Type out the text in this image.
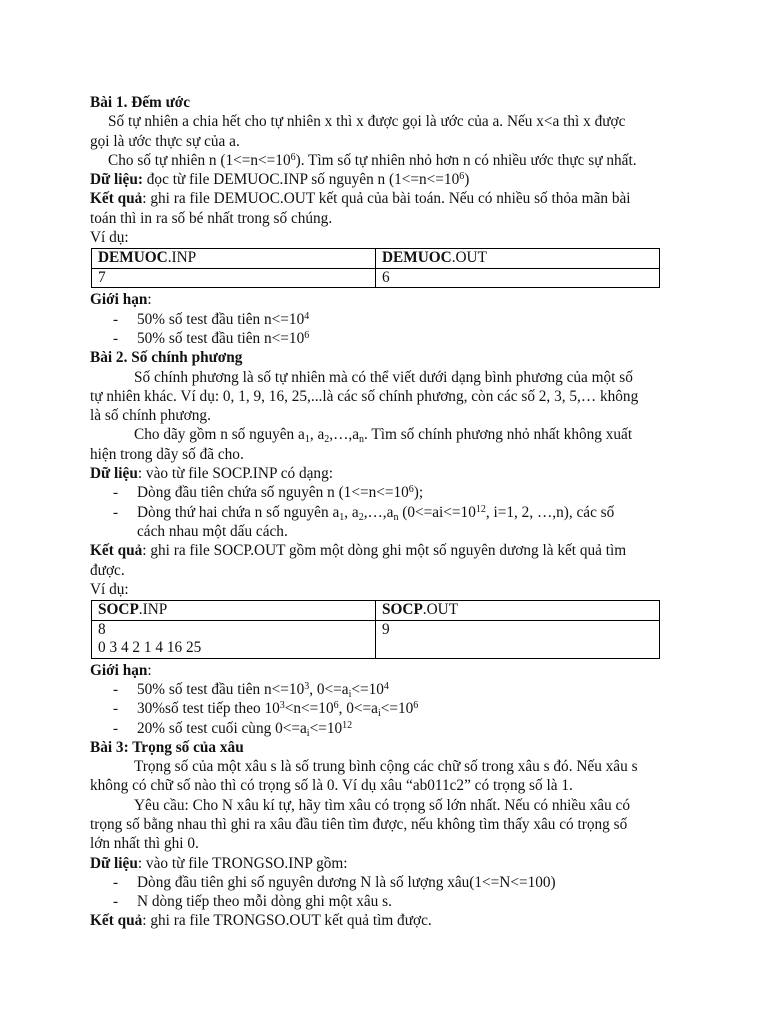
Bài 1. Đếm ước
Số tự nhiên a chia hết cho tự nhiên x thì x được gọi là ước của a. Nếu x<a thì x được
gọi là ước thực sự của a.
Cho số tự nhiên n $(1<=n<=10^6)$. Tìm số tự nhiên nhỏ hơn n có nhiều ước thực sự nhất.
Dữ liệu: đọc từ file DEMUOC.INP số nguyên n $(1<=n<=10^6)$
Kết quả: ghi ra file DEMUOC.OUT kết quả của bài toán. Nếu có nhiều số thỏa mãn bài
toán thì in ra số bé nhất trong số chúng.
Ví dụ:
DEMUOC.INP	DEMUOC.OUT
7	6
Giới hạn:
- 50% số test đầu tiên $n<=10^4$
- 50% số test đầu tiên $n<=10^6$
Bài 2. Số chính phương
Số chính phương là số tự nhiên mà có thể viết dưới dạng bình phương của một số
tự nhiên khác. Ví dụ: 0, 1, 9, 16, 25,...là các số chính phương, còn các số 2, 3, 5,… không
là số chính phương.
Cho dãy gồm n số nguyên $a_1$, $a_2,\dots,a_n$. Tìm số chính phương nhỏ nhất không xuất
hiện trong dãy số đã cho.
Dữ liệu: vào từ file SOCP.INP có dạng:
- Dòng đầu tiên chứa số nguyên n $(1<=n<=10^6)$;
- Dòng thứ hai chứa n số nguyên $a_1$, $a_2,\dots,a_n$ ($0<=ai<=10^{12}$, i=1, 2, …,n), các số
cách nhau một dấu cách.
Kết quả: ghi ra file SOCP.OUT gồm một dòng ghi một số nguyên dương là kết quả tìm
được.
Ví dụ:
SOCP.INP	SOCP.OUT

8
0 3 4 2 1 4 16 25	9
Giới hạn:
- 50% số test đầu tiên $n<=10^3$, $0<=a_i<=10^4$
- 30%số test tiếp theo $10^3<n<=10^6$, $0<=a_i<=10^6$
- 20% số test cuối cùng $0<=a_i<=10^{12}$
Bài 3: Trọng số của xâu
Trọng số của một xâu s là số trung bình cộng các chữ số trong xâu s đó. Nếu xâu s
không có chữ số nào thì có trọng số là 0. Ví dụ xâu “ab011c2” có trọng số là 1.
Yêu cầu: Cho N xâu kí tự, hãy tìm xâu có trọng số lớn nhất. Nếu có nhiều xâu có
trọng số bằng nhau thì ghi ra xâu đầu tiên tìm được, nếu không tìm thấy xâu có trọng số
lớn nhất thì ghi 0.
Dữ liệu: vào từ file TRONGSO.INP gồm:
- Dòng đầu tiên ghi số nguyên dương N là số lượng xâu(1<=N<=100)
- N dòng tiếp theo mỗi dòng ghi một xâu s.
Kết quả: ghi ra file TRONGSO.OUT kết quả tìm được.
